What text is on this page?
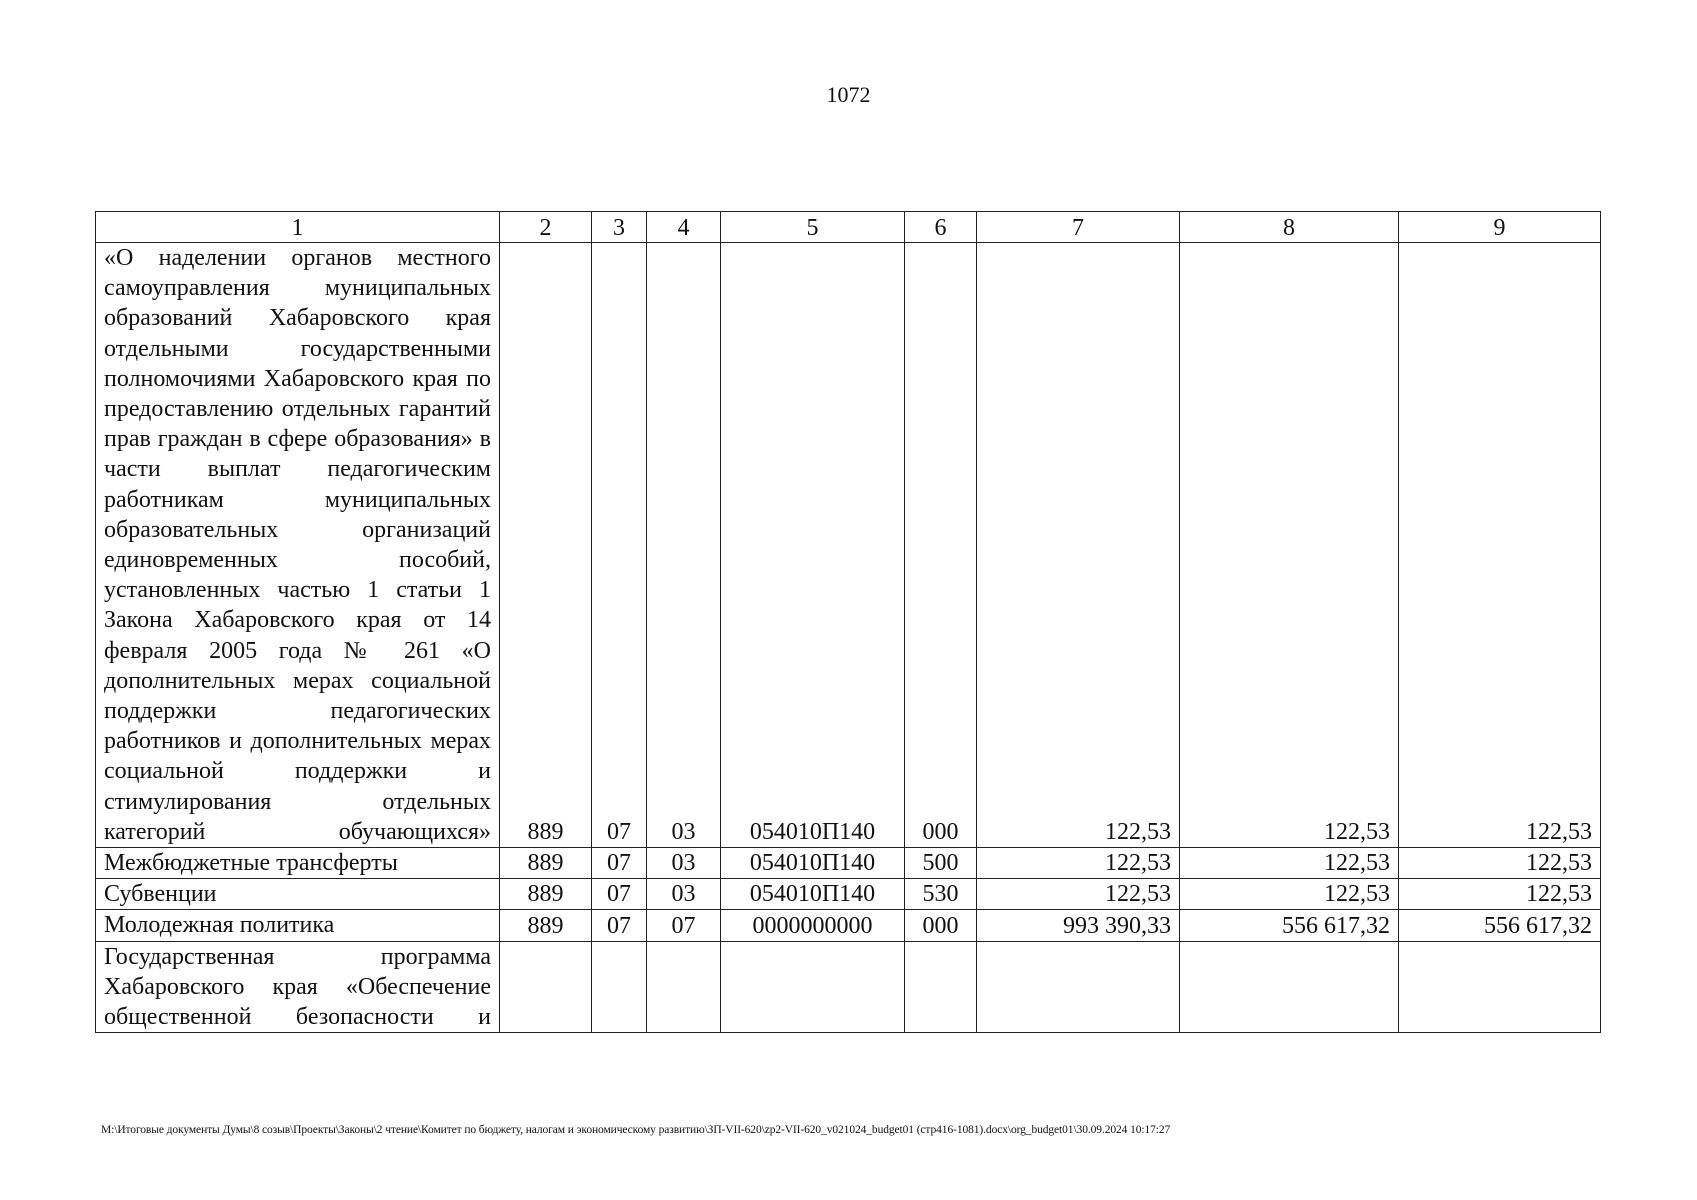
1072
1	2	3	4	5	6	7	8	9
«О наделении органов местного самоуправления муниципальных образований Хабаровского края отдельными государственными полномочиями Хабаровского края по предоставлению отдельных гарантий прав граждан в сфере образования» в части выплат педагогическим работникам муниципальных образовательных организаций единовременных пособий, установленных частью 1 статьи 1 Закона Хабаровского края от 14 февраля 2005 года № 261 «О дополнительных мерах социальной поддержки педагогических работников и дополнительных мерах социальной поддержки и стимулирования отдельных категорий обучающихся»	889	07	03	054010П140	000	122,53	122,53	122,53
Межбюджетные трансферты	889	07	03	054010П140	500	122,53	122,53	122,53
Субвенции	889	07	03	054010П140	530	122,53	122,53	122,53
Молодежная политика	889	07	07	0000000000	000	993 390,33	556 617,32	556 617,32
Государственная программа Хабаровского края «Обеспечение общественной безопасности и								
M:\Итоговые документы Думы\8 созыв\Проекты\Законы\2 чтение\Комитет по бюджету, налогам и экономическому развитию\ЗП-VII-620\zp2-VII-620_v021024_budget01 (стр416-1081).docx\org_budget01\30.09.2024 10:17:27
